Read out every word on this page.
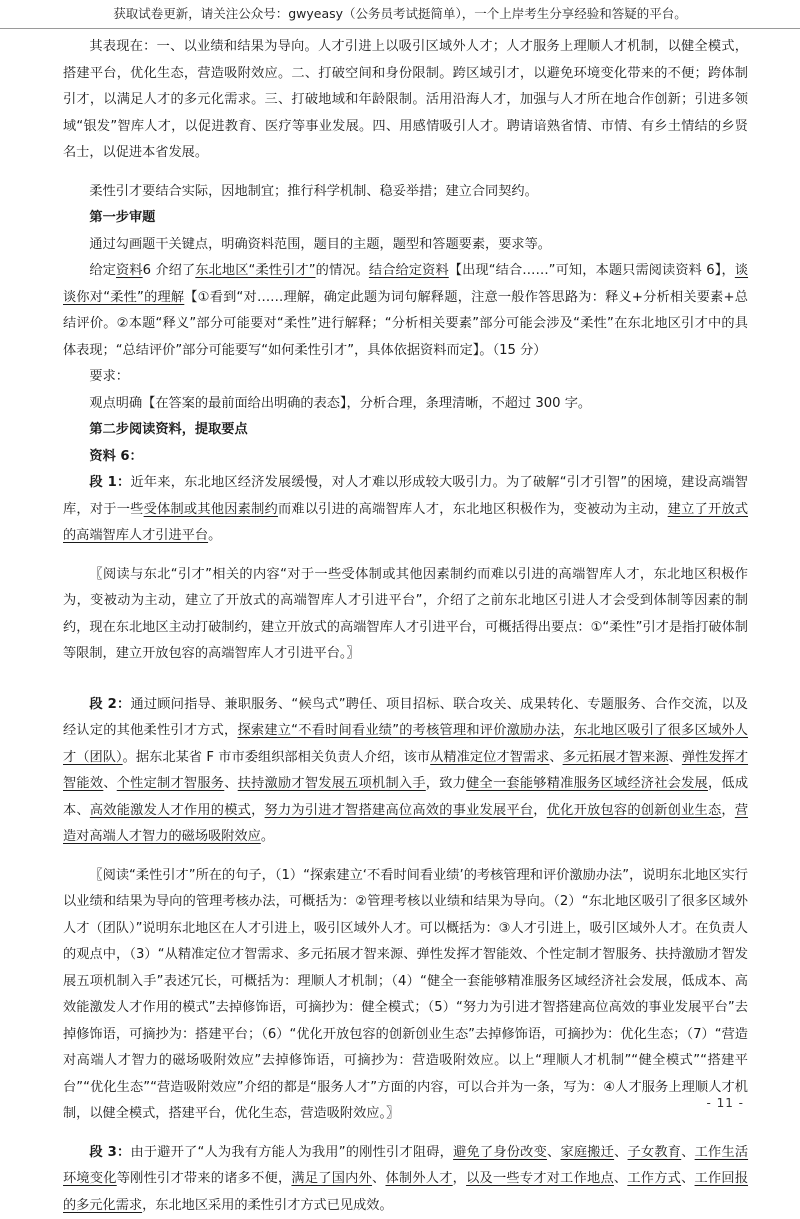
获取试卷更新，请关注公众号：gwyeasy（公务员考试挺简单），一个上岸考生分享经验和答疑的平台。

其表现在：一、以业绩和结果为导向。人才引进上以吸引区域外人才；人才服务上理顺人才机制，以健全模式，搭建平台，优化生态，营造吸附效应。二、打破空间和身份限制。跨区域引才，以避免环境变化带来的不便；跨体制引才，以满足人才的多元化需求。三、打破地域和年龄限制。活用沿海人才，加强与人才所在地合作创新；引进多领域“银发”智库人才，以促进教育、医疗等事业发展。四、用感情吸引人才。聘请谙熟省情、市情、有乡土情结的乡贤名士，以促进本省发展。

柔性引才要结合实际，因地制宜；推行科学机制、稳妥举措；建立合同契约。

第一步审题

通过勾画题干关键点，明确资料范围，题目的主题，题型和答题要素，要求等。

给定资料6 介绍了东北地区“柔性引才”的情况。结合给定资料【出现“结合……”可知，本题只需阅读资料 6】，谈谈你对“柔性”的理解【①看到“对……理解，确定此题为词句解释题，注意一般作答思路为：释义+分析相关要素+总结评价。②本题“释义”部分可能要对“柔性”进行解释；“分析相关要素”部分可能会涉及“柔性”在东北地区引才中的具体表现；“总结评价”部分可能要写“如何柔性引才”，具体依据资料而定】。（15 分）

要求：

观点明确【在答案的最前面给出明确的表态】，分析合理，条理清晰，不超过 300 字。

第二步阅读资料，提取要点

资料 6：

段 1：近年来，东北地区经济发展缓慢，对人才难以形成较大吸引力。为了破解“引才引智”的困境，建设高端智库，对于一些受体制或其他因素制约而难以引进的高端智库人才，东北地区积极作为，变被动为主动，建立了开放式的高端智库人才引进平台。

〖阅读与东北“引才”相关的内容“对于一些受体制或其他因素制约而难以引进的高端智库人才，东北地区积极作为，变被动为主动，建立了开放式的高端智库人才引进平台”，介绍了之前东北地区引进人才会受到体制等因素的制约，现在东北地区主动打破制约，建立开放式的高端智库人才引进平台，可概括得出要点：①“柔性”引才是指打破体制等限制，建立开放包容的高端智库人才引进平台。〗

段 2：通过顾问指导、兼职服务、“候鸟式”聘任、项目招标、联合攻关、成果转化、专题服务、合作交流，以及经认定的其他柔性引才方式，探索建立“不看时间看业绩”的考核管理和评价激励办法，东北地区吸引了很多区域外人才（团队）。据东北某省 F 市市委组织部相关负责人介绍，该市从精准定位才智需求、多元拓展才智来源、弹性发挥才智能效、个性定制才智服务、扶持激励才智发展五项机制入手，致力健全一套能够精准服务区域经济社会发展，低成本、高效能激发人才作用的模式，努力为引进才智搭建高位高效的事业发展平台，优化开放包容的创新创业生态，营造对高端人才智力的磁场吸附效应。

〖阅读“柔性引才”所在的句子，（1）“探索建立‘不看时间看业绩’的考核管理和评价激励办法”，说明东北地区实行以业绩和结果为导向的管理考核办法，可概括为：②管理考核以业绩和结果为导向。（2）“东北地区吸引了很多区域外人才（团队）”说明东北地区在人才引进上，吸引区域外人才。可以概括为：③人才引进上，吸引区域外人才。在负责人的观点中，（3）“从精准定位才智需求、多元拓展才智来源、弹性发挥才智能效、个性定制才智服务、扶持激励才智发展五项机制入手”表述冗长，可概括为：理顺人才机制；（4）“健全一套能够精准服务区域经济社会发展，低成本、高效能激发人才作用的模式”去掉修饰语，可摘抄为：健全模式；（5）“努力为引进才智搭建高位高效的事业发展平台”去掉修饰语，可摘抄为：搭建平台；（6）“优化开放包容的创新创业生态”去掉修饰语，可摘抄为：优化生态；（7）“营造对高端人才智力的磁场吸附效应”去掉修饰语，可摘抄为：营造吸附效应。以上“理顺人才机制”“健全模式”“搭建平台”“优化生态”“营造吸附效应”介绍的都是“服务人才”方面的内容，可以合并为一条，写为：④人才服务上理顺人才机制，以健全模式，搭建平台，优化生态，营造吸附效应。〗

段 3：由于避开了“人为我有方能人为我用”的刚性引才阻碍，避免了身份改变、家庭搬迁、子女教育、工作生活环境变化等刚性引才带来的诸多不便，满足了国内外、体制外人才，以及一些专才对工作地点、工作方式、工作回报的多元化需求，东北地区采用的柔性引才方式已见成效。

- 11 -
